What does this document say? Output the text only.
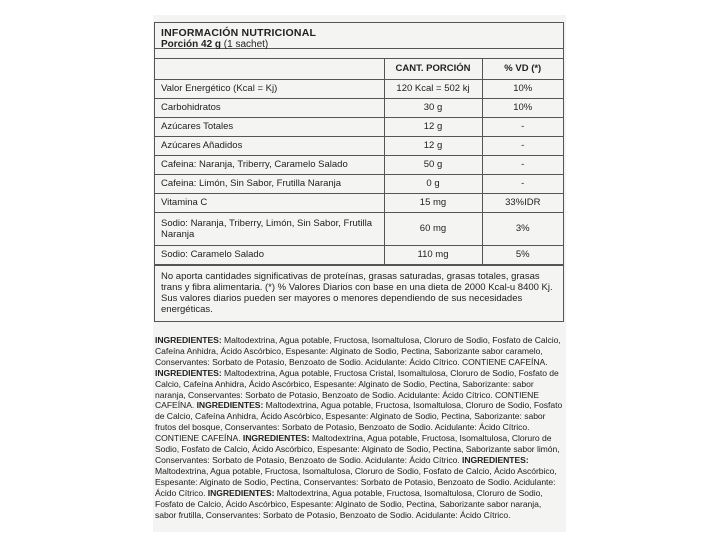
INFORMACIÓN NUTRICIONAL
Porción 42 g (1 sachet)
	CANT. PORCIÓN	% VD (*)
Valor Energético (Kcal = Kj)	120 Kcal = 502 kj	10%
Carbohidratos	30 g	10%
Azúcares Totales	12 g	-
Azúcares Añadidos	12 g	-
Cafeina: Naranja, Triberry, Caramelo Salado	50 g	-
Cafeina: Limón, Sin Sabor, Frutilla Naranja	0 g	-
Vitamina C	15 mg	33%IDR
Sodio: Naranja, Triberry, Limón, Sin Sabor, Frutilla Naranja	60 mg	3%
Sodio: Caramelo Salado	110 mg	5%
No aporta cantidades significativas de proteínas, grasas saturadas, grasas totales, grasas trans y fibra alimentaria. (*) % Valores Diarios con base en una dieta de 2000 Kcal-u 8400 Kj. Sus valores diarios pueden ser mayores o menores dependiendo de sus necesidades energéticas.
INGREDIENTES: Maltodextrina, Agua potable, Fructosa, Isomaltulosa, Cloruro de Sodio, Fosfato de Calcio, Cafeína Anhidra, Ácido Ascórbico, Espesante: Alginato de Sodio, Pectina, Saborizante sabor caramelo, Conservantes: Sorbato de Potasio, Benzoato de Sodio. Acidulante: Ácido Cítrico. CONTIENE CAFEÍNA. INGREDIENTES: Maltodextrina, Agua potable, Fructosa Cristal, Isomaltulosa, Cloruro de Sodio, Fosfato de Calcio, Cafeína Anhidra, Ácido Ascórbico, Espesante: Alginato de Sodio, Pectina, Saborizante: sabor naranja, Conservantes: Sorbato de Potasio, Benzoato de Sodio. Acidulante: Ácido Cítrico. CONTIENE CAFEÍNA. INGREDIENTES: Maltodextrina, Agua potable, Fructosa, Isomaltulosa, Cloruro de Sodio, Fosfato de Calcio, Cafeína Anhidra, Ácido Ascórbico, Espesante: Alginato de Sodio, Pectina, Saborizante: sabor frutos del bosque, Conservantes: Sorbato de Potasio, Benzoato de Sodio. Acidulante: Ácido Cítrico. CONTIENE CAFEÍNA. INGREDIENTES: Maltodextrina, Agua potable, Fructosa, Isomaltulosa, Cloruro de Sodio, Fosfato de Calcio, Ácido Ascórbico, Espesante: Alginato de Sodio, Pectina, Saborizante sabor limón, Conservantes: Sorbato de Potasio, Benzoato de Sodio. Acidulante: Ácido Cítrico. INGREDIENTES: Maltodextrina, Agua potable, Fructosa, Isomaltulosa, Cloruro de Sodio, Fosfato de Calcio, Ácido Ascórbico, Espesante: Alginato de Sodio, Pectina, Conservantes: Sorbato de Potasio, Benzoato de Sodio. Acidulante: Ácido Cítrico. INGREDIENTES: Maltodextrina, Agua potable, Fructosa, Isomaltulosa, Cloruro de Sodio, Fosfato de Calcio, Ácido Ascórbico, Espesante: Alginato de Sodio, Pectina, Saborizante sabor naranja, sabor frutilla, Conservantes: Sorbato de Potasio, Benzoato de Sodio. Acidulante: Ácido Cítrico.
